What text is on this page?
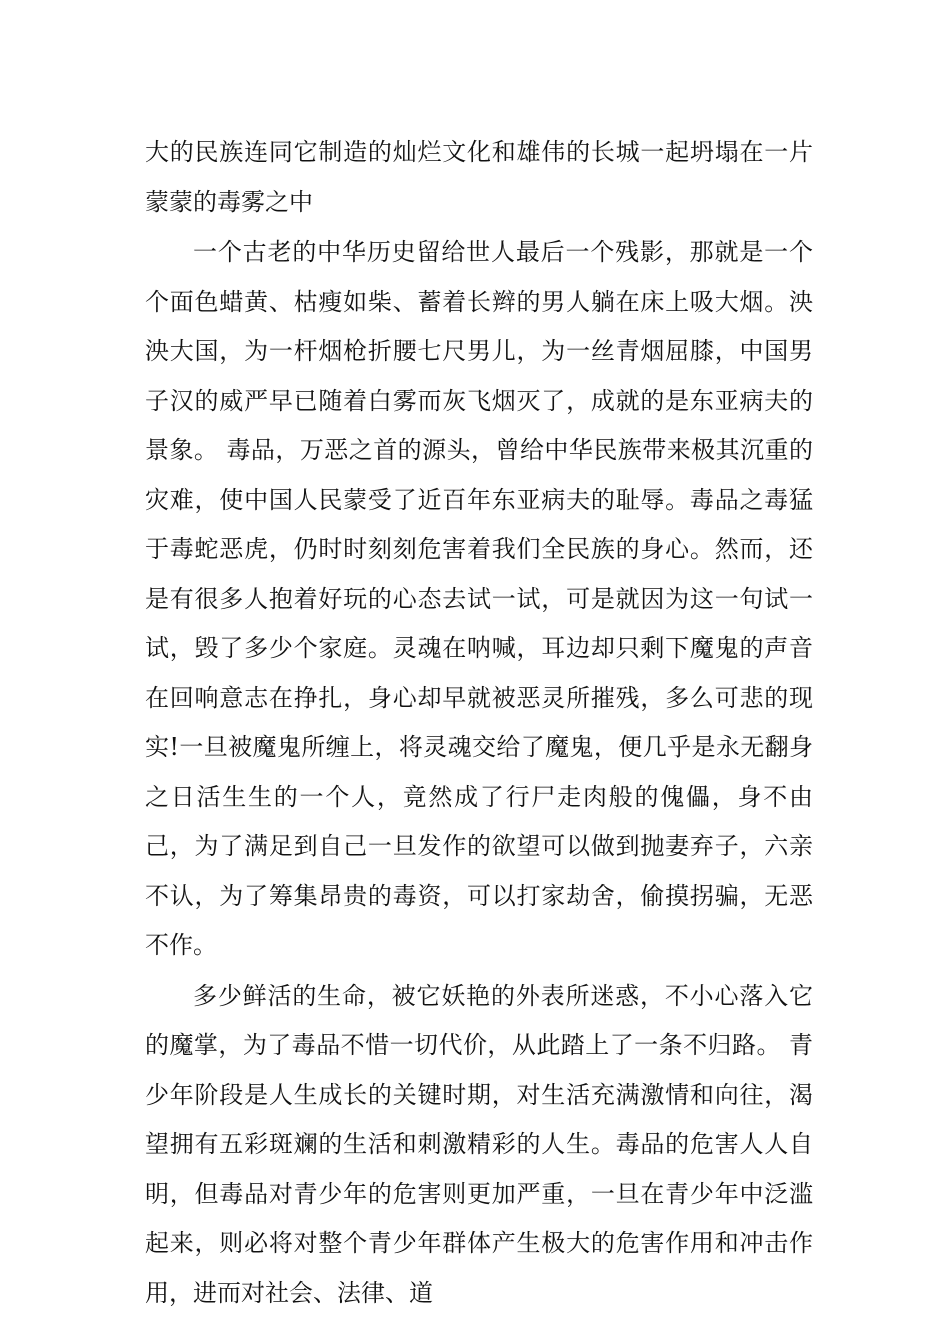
大的民族连同它制造的灿烂文化和雄伟的长城一起坍塌在一片蒙蒙的毒雾之中

一个古老的中华历史留给世人最后一个残影，那就是一个个面色蜡黄、枯瘦如柴、蓄着长辫的男人躺在床上吸大烟。泱泱大国，为一杆烟枪折腰七尺男儿，为一丝青烟屈膝，中国男子汉的威严早已随着白雾而灰飞烟灭了，成就的是东亚病夫的景象。 毒品，万恶之首的源头，曾给中华民族带来极其沉重的灾难，使中国人民蒙受了近百年东亚病夫的耻辱。毒品之毒猛于毒蛇恶虎，仍时时刻刻危害着我们全民族的身心。然而，还是有很多人抱着好玩的心态去试一试，可是就因为这一句试一试，毁了多少个家庭。灵魂在呐喊，耳边却只剩下魔鬼的声音在回响意志在挣扎，身心却早就被恶灵所摧残，多么可悲的现实!一旦被魔鬼所缠上，将灵魂交给了魔鬼，便几乎是永无翻身之日活生生的一个人，竟然成了行尸走肉般的傀儡，身不由己，为了满足到自己一旦发作的欲望可以做到抛妻弃子，六亲不认，为了筹集昂贵的毒资，可以打家劫舍，偷摸拐骗，无恶不作。

多少鲜活的生命，被它妖艳的外表所迷惑，不小心落入它的魔掌，为了毒品不惜一切代价，从此踏上了一条不归路。 青少年阶段是人生成长的关键时期，对生活充满激情和向往，渴望拥有五彩斑斓的生活和刺激精彩的人生。毒品的危害人人自明，但毒品对青少年的危害则更加严重，一旦在青少年中泛滥起来，则必将对整个青少年群体产生极大的危害作用和冲击作用，进而对社会、法律、道
